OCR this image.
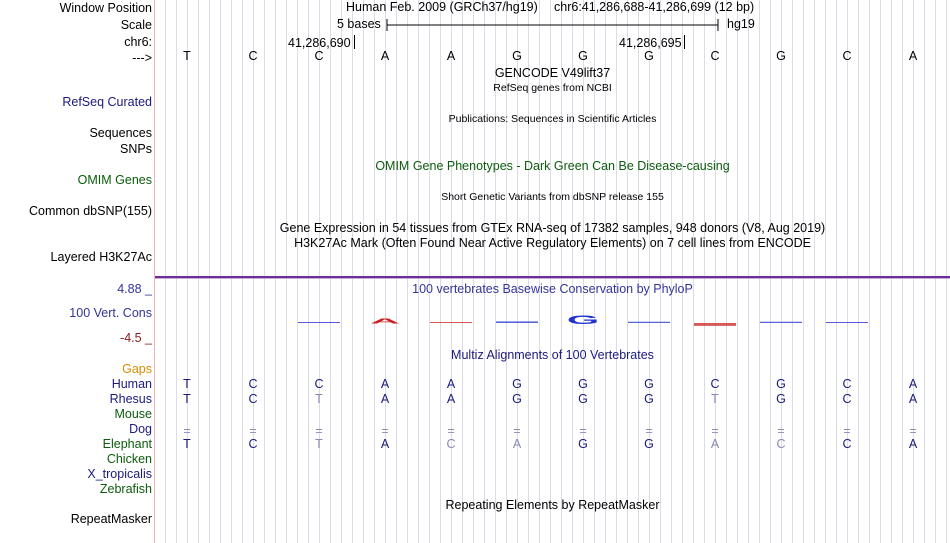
Window Position
Scale
chr6:
--->
Human Feb. 2009 (GRCh37/hg19) chr6:41,286,688-41,286,699 (12 bp)
5 bases	hg19
41,286,690	41,286,695
T	C	C	A	A	G	G	G	C	G	C	A
GENCODE V49lift37
RefSeq genes from NCBI
RefSeq Curated
Publications: Sequences in Scientific Articles
Sequences
SNPs
OMIM Gene Phenotypes - Dark Green Can Be Disease-causing
OMIM Genes
Short Genetic Variants from dbSNP release 155
Common dbSNP(155)
Gene Expression in 54 tissues from GTEx RNA-seq of 17382 samples, 948 donors (V8, Aug 2019)
H3K27Ac Mark (Often Found Near Active Regulatory Elements) on 7 cell lines from ENCODE
Layered H3K27Ac
100 vertebrates Basewise Conservation by PhyloP
4.88 _
100 Vert. Cons
-4.5 _
A	G
Multiz Alignments of 100 Vertebrates
Gaps
Human	T	C	C	A	A	G	G	G	C	G	C	A
Rhesus	T	C	T	A	A	G	G	G	T	G	C	A
Mouse
Dog	=	=	=	=	=	=	=	=	=	=	=	=
Elephant	T	C	T	A	C	A	G	G	A	C	C	A
Chicken
X_tropicalis
Zebrafish
Repeating Elements by RepeatMasker
RepeatMasker
